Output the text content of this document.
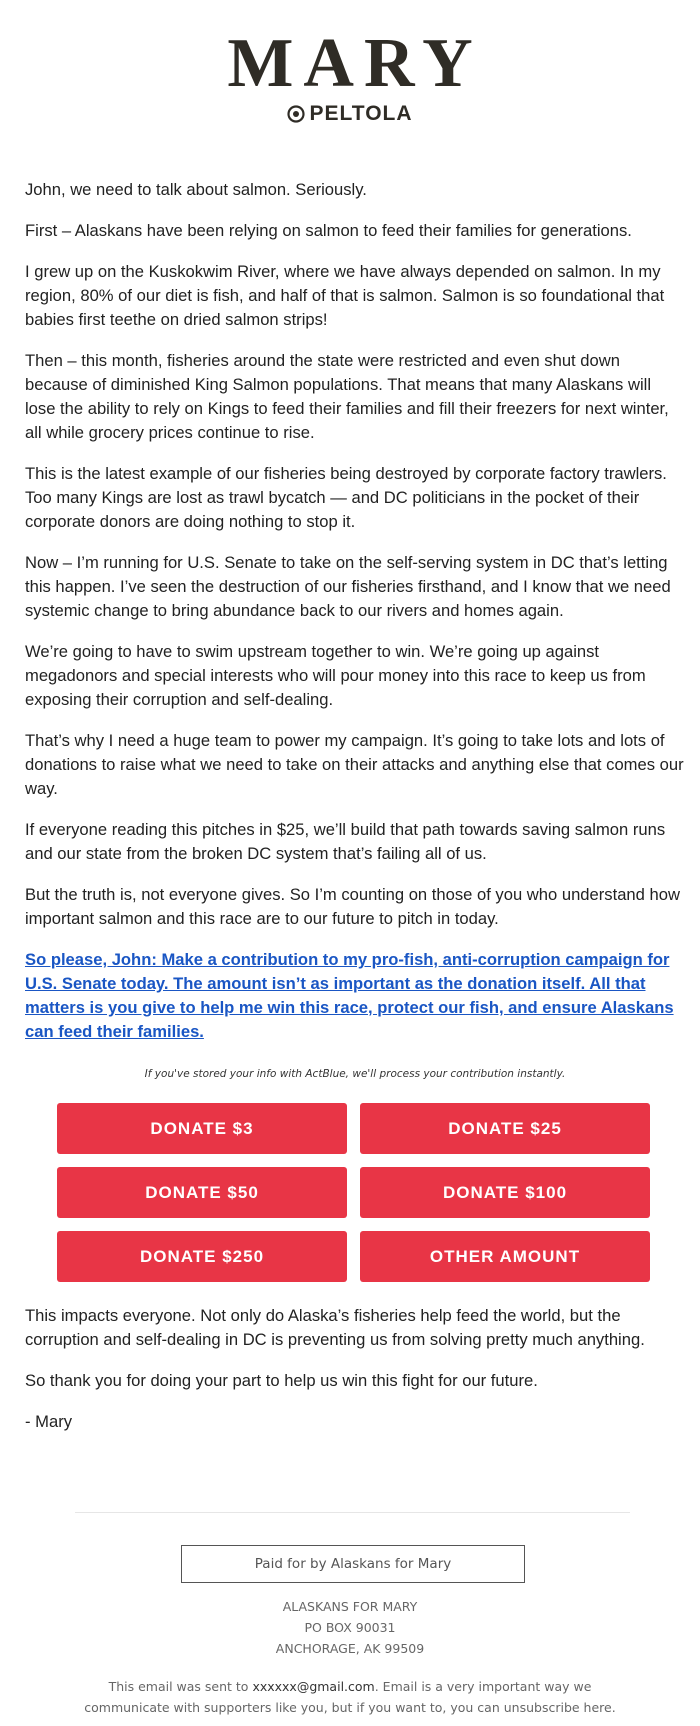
MARY
PELTOLA

John, we need to talk about salmon. Seriously.

First – Alaskans have been relying on salmon to feed their families for generations.

I grew up on the Kuskokwim River, where we have always depended on salmon. In my region, 80% of our diet is fish, and half of that is salmon. Salmon is so foundational that babies first teethe on dried salmon strips!

Then – this month, fisheries around the state were restricted and even shut down because of diminished King Salmon populations. That means that many Alaskans will lose the ability to rely on Kings to feed their families and fill their freezers for next winter, all while grocery prices continue to rise.

This is the latest example of our fisheries being destroyed by corporate factory trawlers. Too many Kings are lost as trawl bycatch — and DC politicians in the pocket of their corporate donors are doing nothing to stop it.

Now – I’m running for U.S. Senate to take on the self-serving system in DC that’s letting this happen. I’ve seen the destruction of our fisheries firsthand, and I know that we need systemic change to bring abundance back to our rivers and homes again.

We’re going to have to swim upstream together to win. We’re going up against megadonors and special interests who will pour money into this race to keep us from exposing their corruption and self-dealing.

That’s why I need a huge team to power my campaign. It’s going to take lots and lots of donations to raise what we need to take on their attacks and anything else that comes our way.

If everyone reading this pitches in $25, we’ll build that path towards saving salmon runs and our state from the broken DC system that’s failing all of us.

But the truth is, not everyone gives. So I’m counting on those of you who understand how important salmon and this race are to our future to pitch in today.

So please, John: Make a contribution to my pro-fish, anti-corruption campaign for U.S. Senate today. The amount isn’t as important as the donation itself. All that matters is you give to help me win this race, protect our fish, and ensure Alaskans can feed their families.

If you've stored your info with ActBlue, we'll process your contribution instantly.

DONATE $3	DONATE $25
DONATE $50	DONATE $100
DONATE $250	OTHER AMOUNT

This impacts everyone. Not only do Alaska’s fisheries help feed the world, but the corruption and self-dealing in DC is preventing us from solving pretty much anything.

So thank you for doing your part to help us win this fight for our future.

- Mary

Paid for by Alaskans for Mary
ALASKANS FOR MARY
PO BOX 90031
ANCHORAGE, AK 99509
This email was sent to xxxxxx@gmail.com. Email is a very important way we communicate with supporters like you, but if you want to, you can unsubscribe here.
